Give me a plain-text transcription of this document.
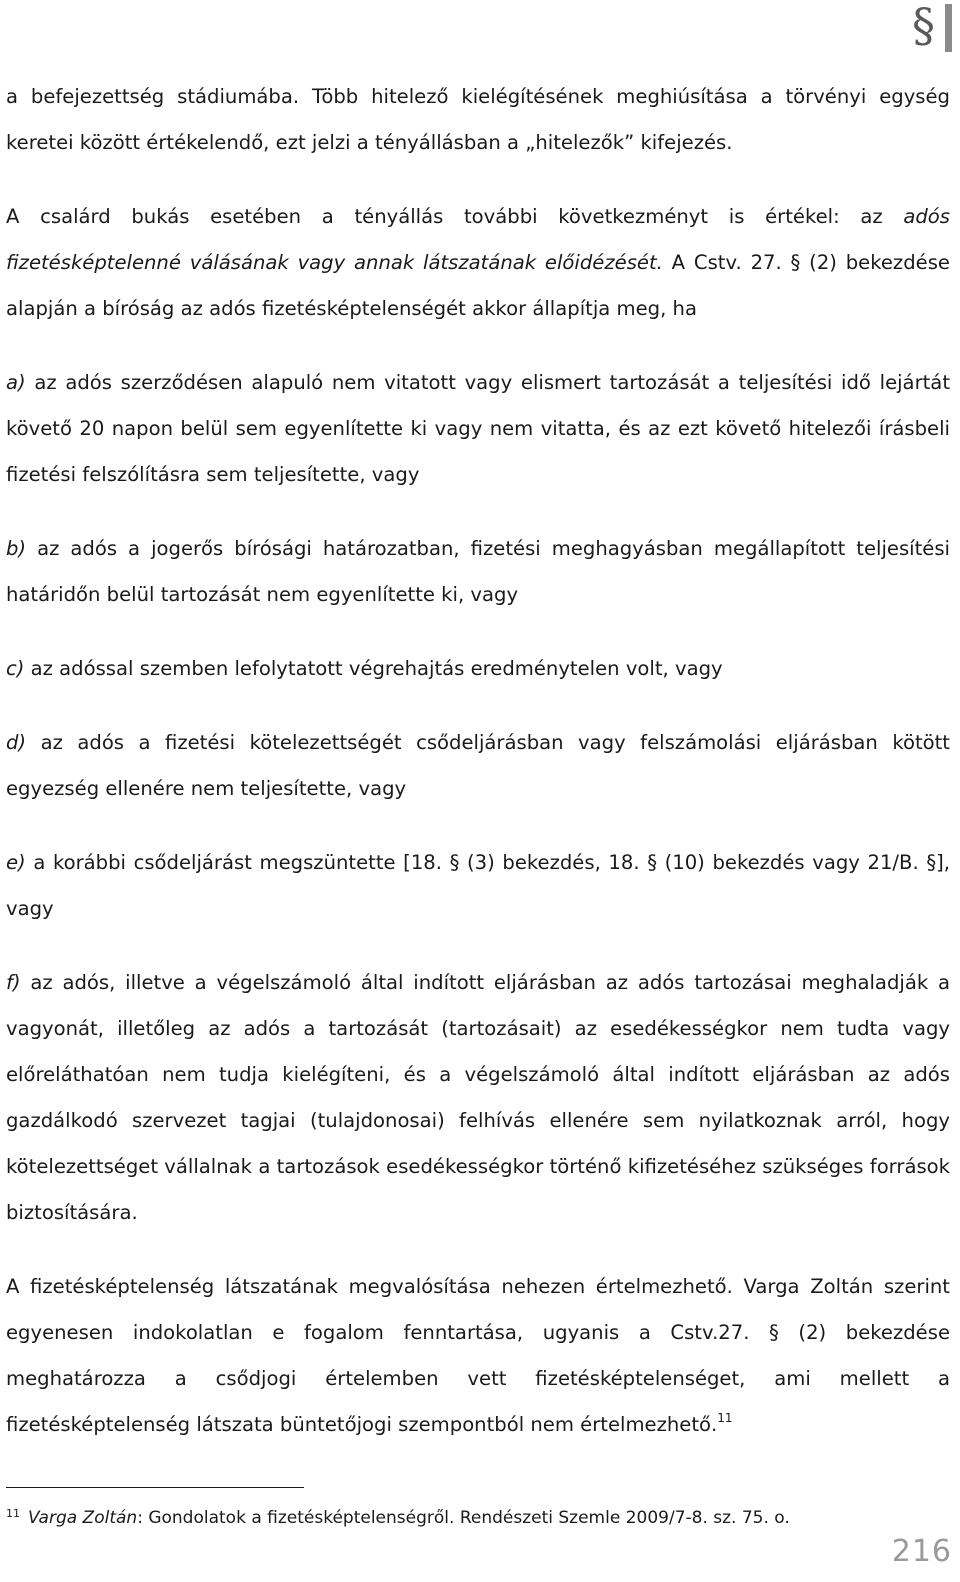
§

a befejezettség stádiumába. Több hitelező kielégítésének meghiúsítása a törvényi egység keretei között értékelendő, ezt jelzi a tényállásban a „hitelezők” kifejezés.

A csalárd bukás esetében a tényállás további következményt is értékel: az adós fizetésképtelenné válásának vagy annak látszatának előidézését. A Cstv. 27. § (2) bekezdése alapján a bíróság az adós fizetésképtelenségét akkor állapítja meg, ha

a) az adós szerződésen alapuló nem vitatott vagy elismert tartozását a teljesítési idő lejártát követő 20 napon belül sem egyenlítette ki vagy nem vitatta, és az ezt követő hitelezői írásbeli fizetési felszólításra sem teljesítette, vagy

b) az adós a jogerős bírósági határozatban, fizetési meghagyásban megállapított teljesítési határidőn belül tartozását nem egyenlítette ki, vagy

c) az adóssal szemben lefolytatott végrehajtás eredménytelen volt, vagy

d) az adós a fizetési kötelezettségét csődeljárásban vagy felszámolási eljárásban kötött egyezség ellenére nem teljesítette, vagy

e) a korábbi csődeljárást megszüntette [18. § (3) bekezdés, 18. § (10) bekezdés vagy 21/B. §], vagy

f) az adós, illetve a végelszámoló által indított eljárásban az adós tartozásai meghaladják a vagyonát, illetőleg az adós a tartozását (tartozásait) az esedékességkor nem tudta vagy előreláthatóan nem tudja kielégíteni, és a végelszámoló által indított eljárásban az adós gazdálkodó szervezet tagjai (tulajdonosai) felhívás ellenére sem nyilatkoznak arról, hogy kötelezettséget vállalnak a tartozások esedékességkor történő kifizetéséhez szükséges források biztosítására.

A fizetésképtelenség látszatának megvalósítása nehezen értelmezhető. Varga Zoltán szerint egyenesen indokolatlan e fogalom fenntartása, ugyanis a Cstv.27. § (2) bekezdése meghatározza a csődjogi értelemben vett fizetésképtelenséget, ami mellett a fizetésképtelenség látszata büntetőjogi szempontból nem értelmezhető.$^{11}$

$^{11}$ Varga Zoltán: Gondolatok a fizetésképtelenségről. Rendészeti Szemle 2009/7-8. sz. 75. o.
216
